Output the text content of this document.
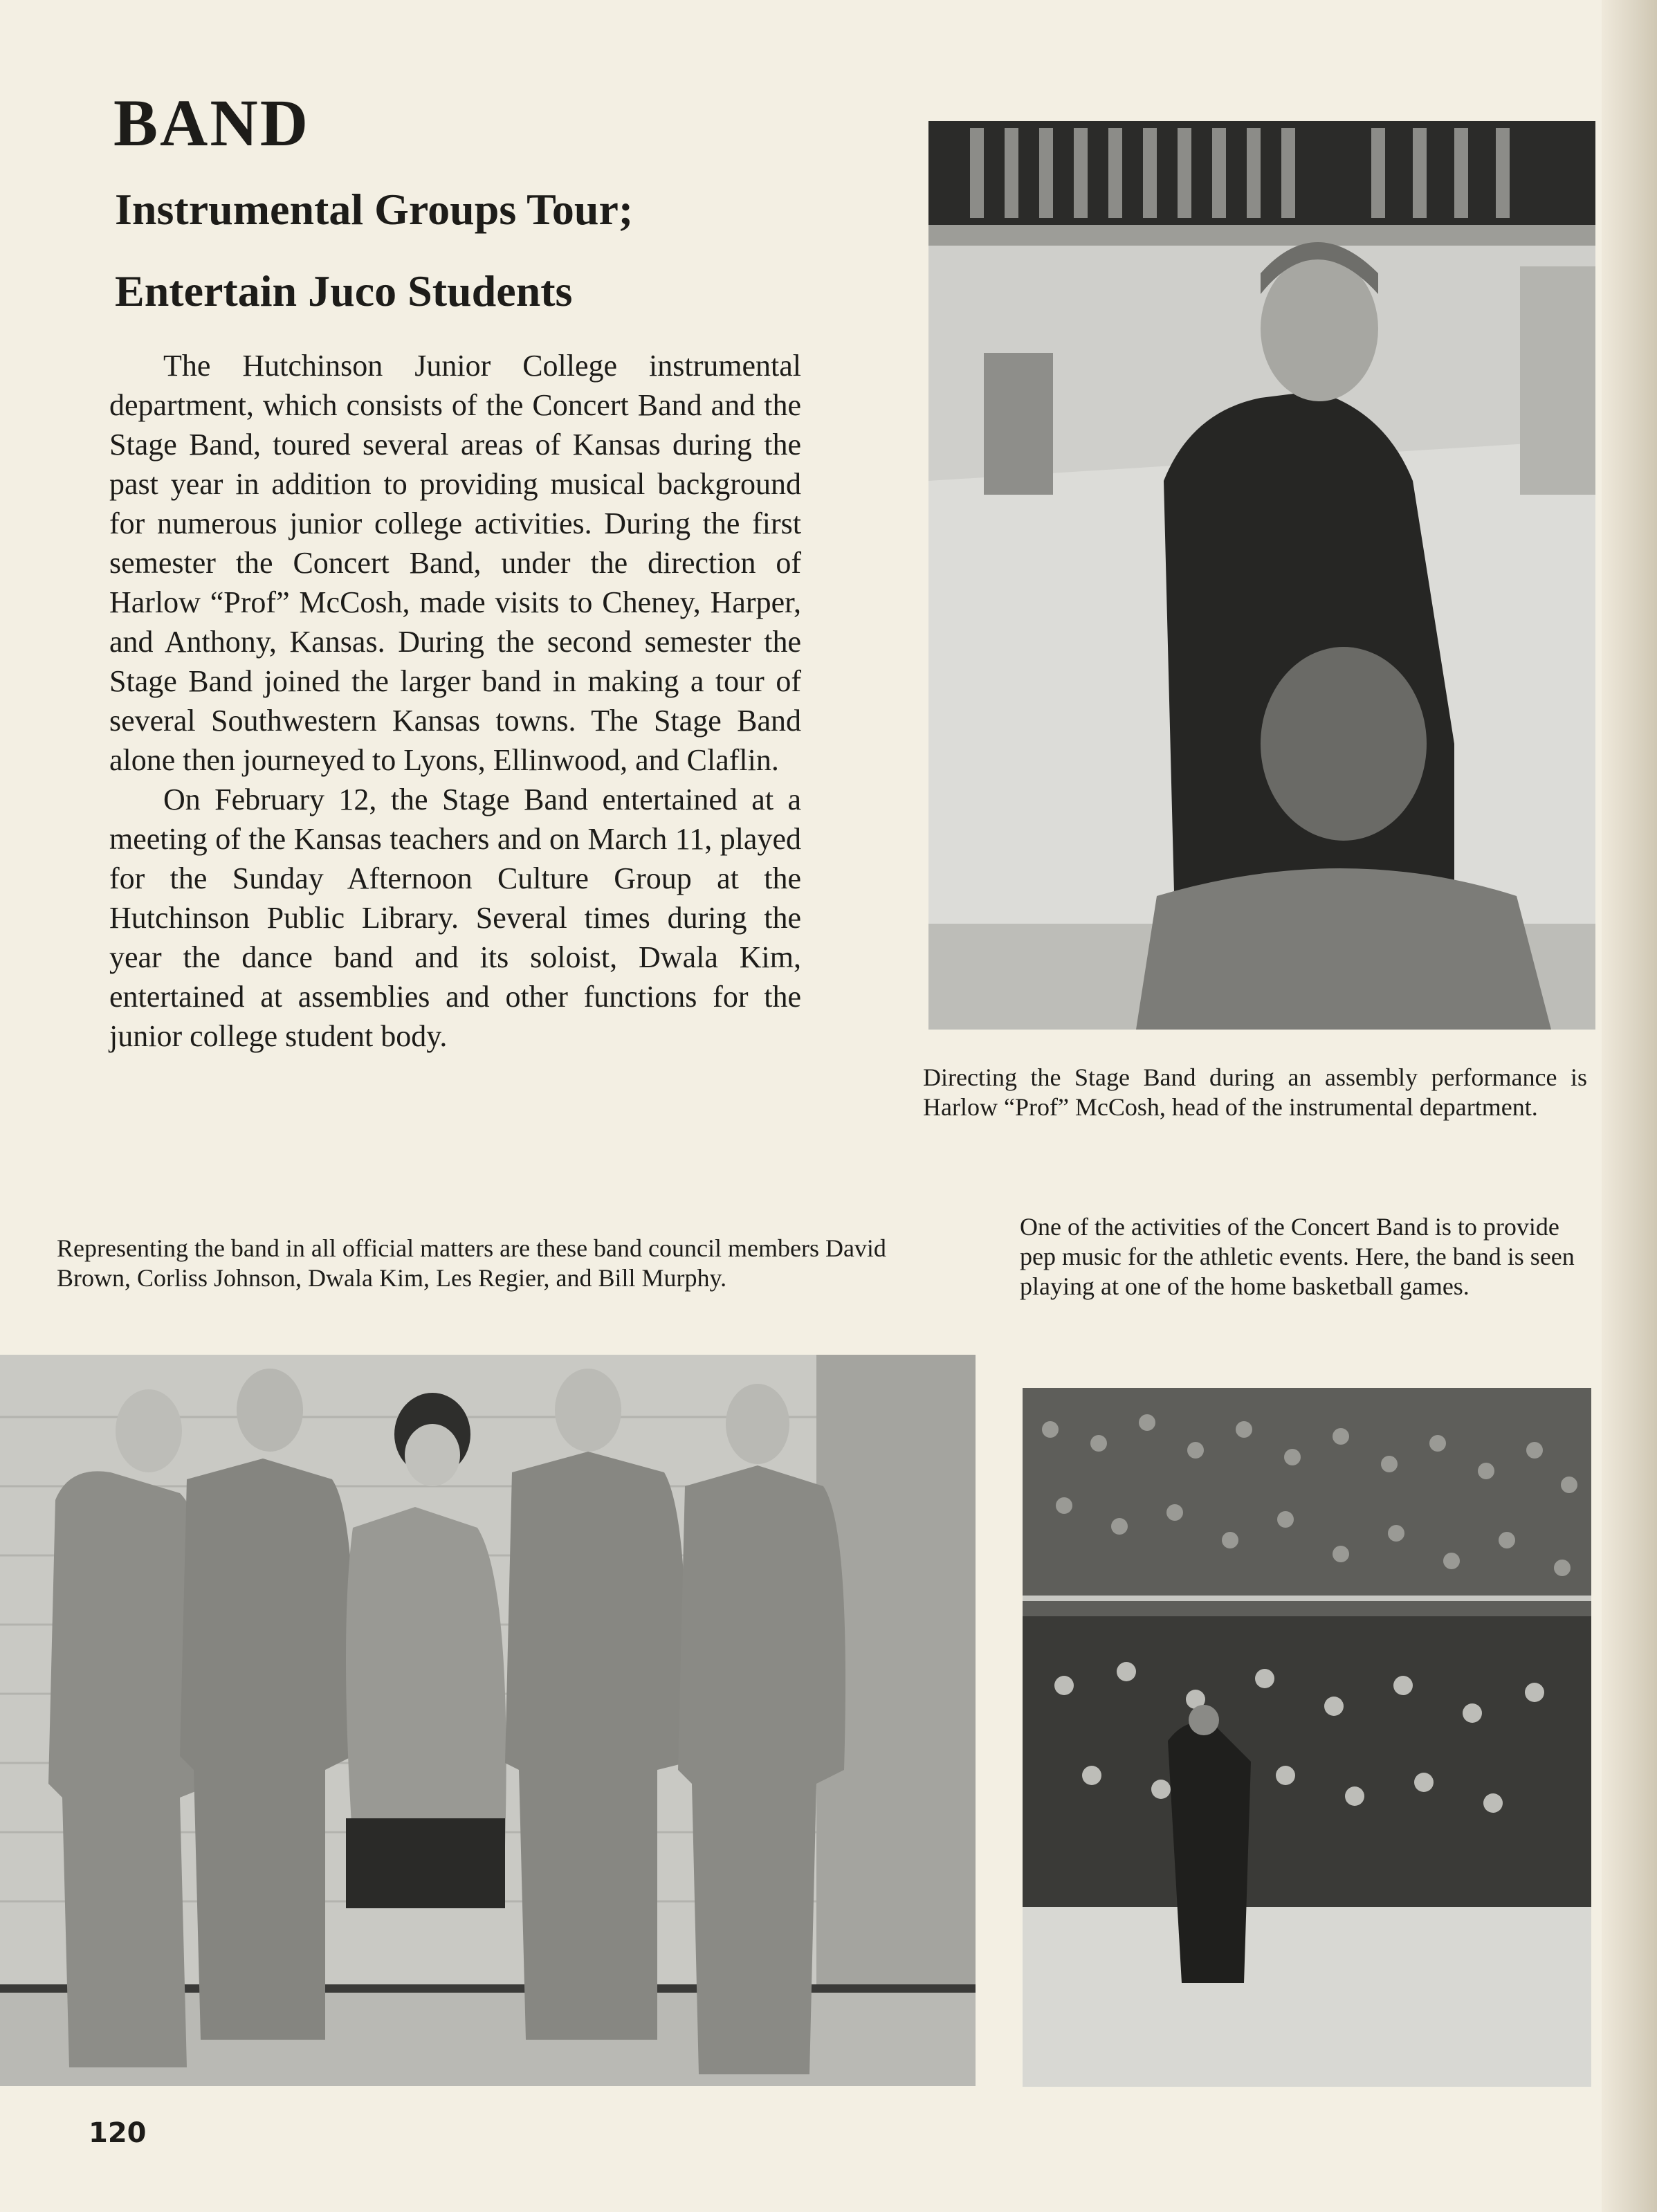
BAND
Instrumental Groups Tour;
Entertain Juco Students

The Hutchinson Junior College instrumental department, which consists of the Concert Band and the Stage Band, toured several areas of Kansas during the past year in addition to providing musical background for numerous junior college activities. During the first semester the Concert Band, under the direction of Harlow “Prof” McCosh, made visits to Cheney, Harper, and Anthony, Kansas. During the second semester the Stage Band joined the larger band in making a tour of several Southwestern Kansas towns. The Stage Band alone then journeyed to Lyons, Ellinwood, and Claflin.

On February 12, the Stage Band entertained at a meeting of the Kansas teachers and on March 11, played for the Sunday Afternoon Culture Group at the Hutchinson Public Library. Several times during the year the dance band and its soloist, Dwala Kim, entertained at assemblies and other functions for the junior college student body.

Directing the Stage Band during an assembly performance is Harlow “Prof” McCosh, head of the instrumental department.

Representing the band in all official matters are these band council members David Brown, Corliss Johnson, Dwala Kim, Les Regier, and Bill Murphy.

One of the activities of the Concert Band is to provide pep music for the athletic events. Here, the band is seen playing at one of the home basketball games.

120
